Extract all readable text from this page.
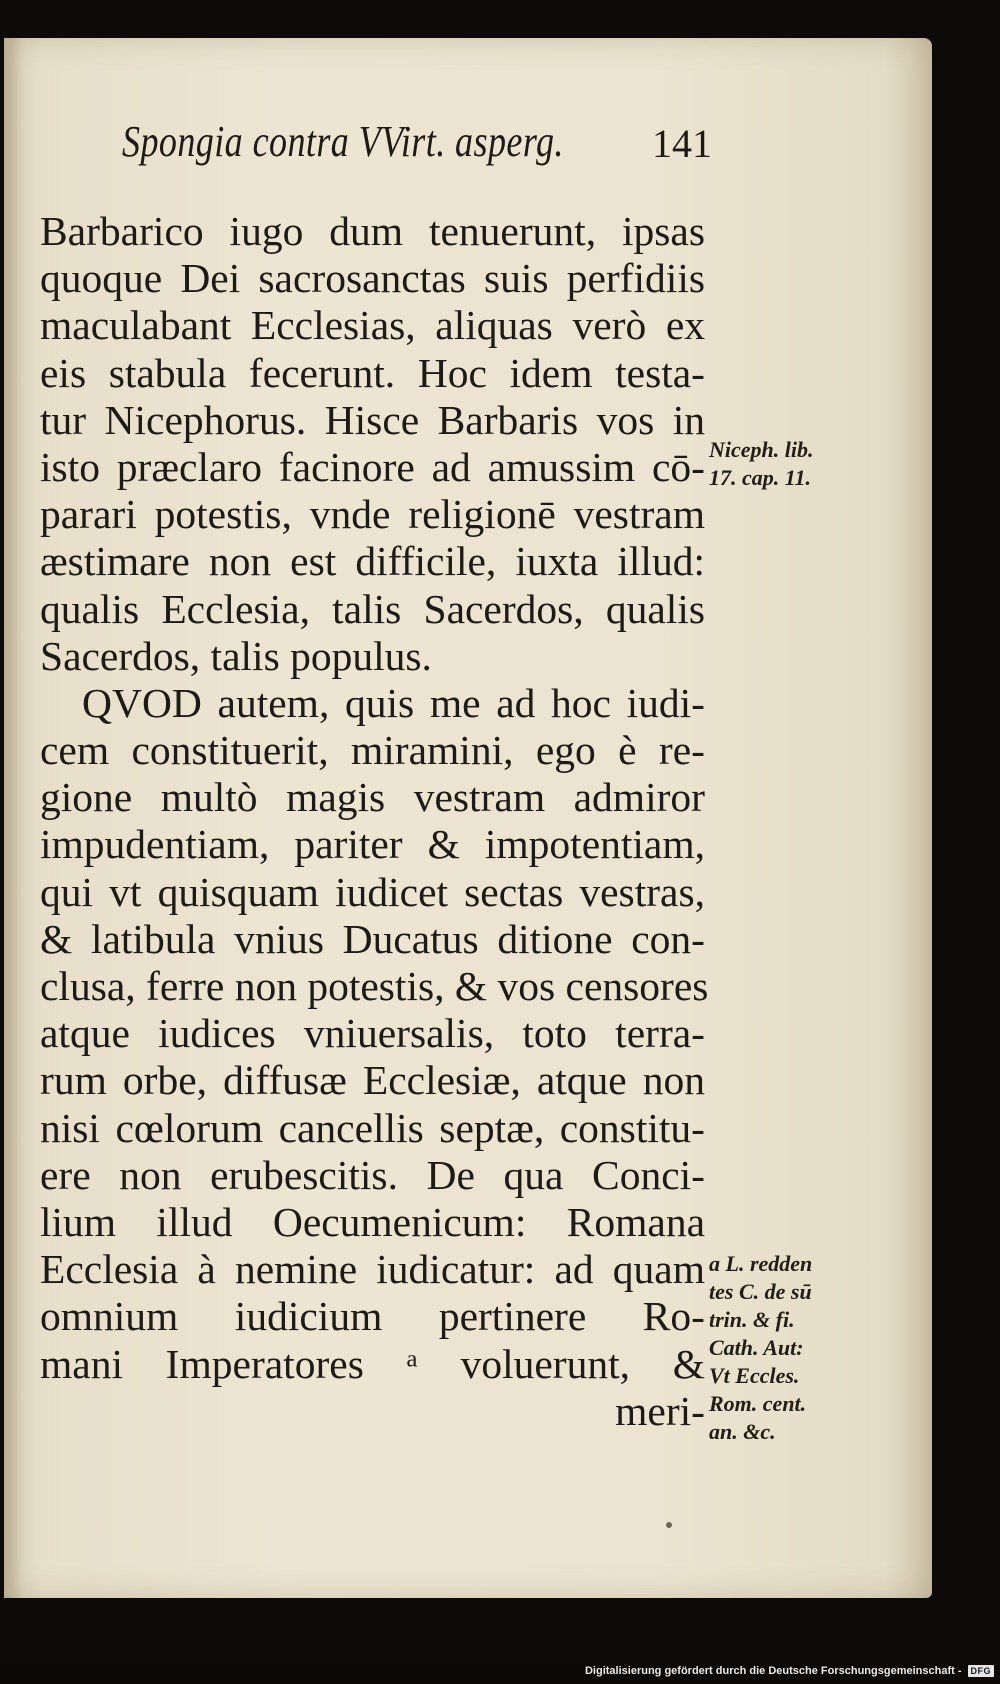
Spongia contra VVirt. asperg. 141
Barbarico iugo dum tenuerunt, ipsas
quoque Dei sacrosanctas suis perfidiis
maculabant Ecclesias, aliquas verò ex
eis stabula fecerunt. Hoc idem testa-
tur Nicephorus. Hisce Barbaris vos in
isto præclaro facinore ad amussim cō-
parari potestis, vnde religionē vestram
æstimare non est difficile, iuxta illud:
qualis Ecclesia, talis Sacerdos, qualis
Sacerdos, talis populus.
QVOD autem, quis me ad hoc iudi-
cem constituerit, miramini, ego è re-
gione multò magis vestram admiror
impudentiam, pariter & impotentiam,
qui vt quisquam iudicet sectas vestras,
& latibula vnius Ducatus ditione con-
clusa, ferre non potestis, & vos censores
atque iudices vniuersalis, toto terra-
rum orbe, diffusæ Ecclesiæ, atque non
nisi cœlorum cancellis septæ, constitu-
ere non erubescitis. De qua Conci-
lium illud Oecumenicum: Romana
Ecclesia à nemine iudicatur: ad quam
omnium iudicium pertinere Ro-
mani Imperatores ᵃ voluerunt, &
meri-
Niceph. lib.
17. cap. 11.
a L. redden
tes C. de sū
trin. & fi.
Cath. Aut:
Vt Eccles.
Rom. cent.
an. &c.
Digitalisierung gefördert durch die Deutsche Forschungsgemeinschaft -	DFG
